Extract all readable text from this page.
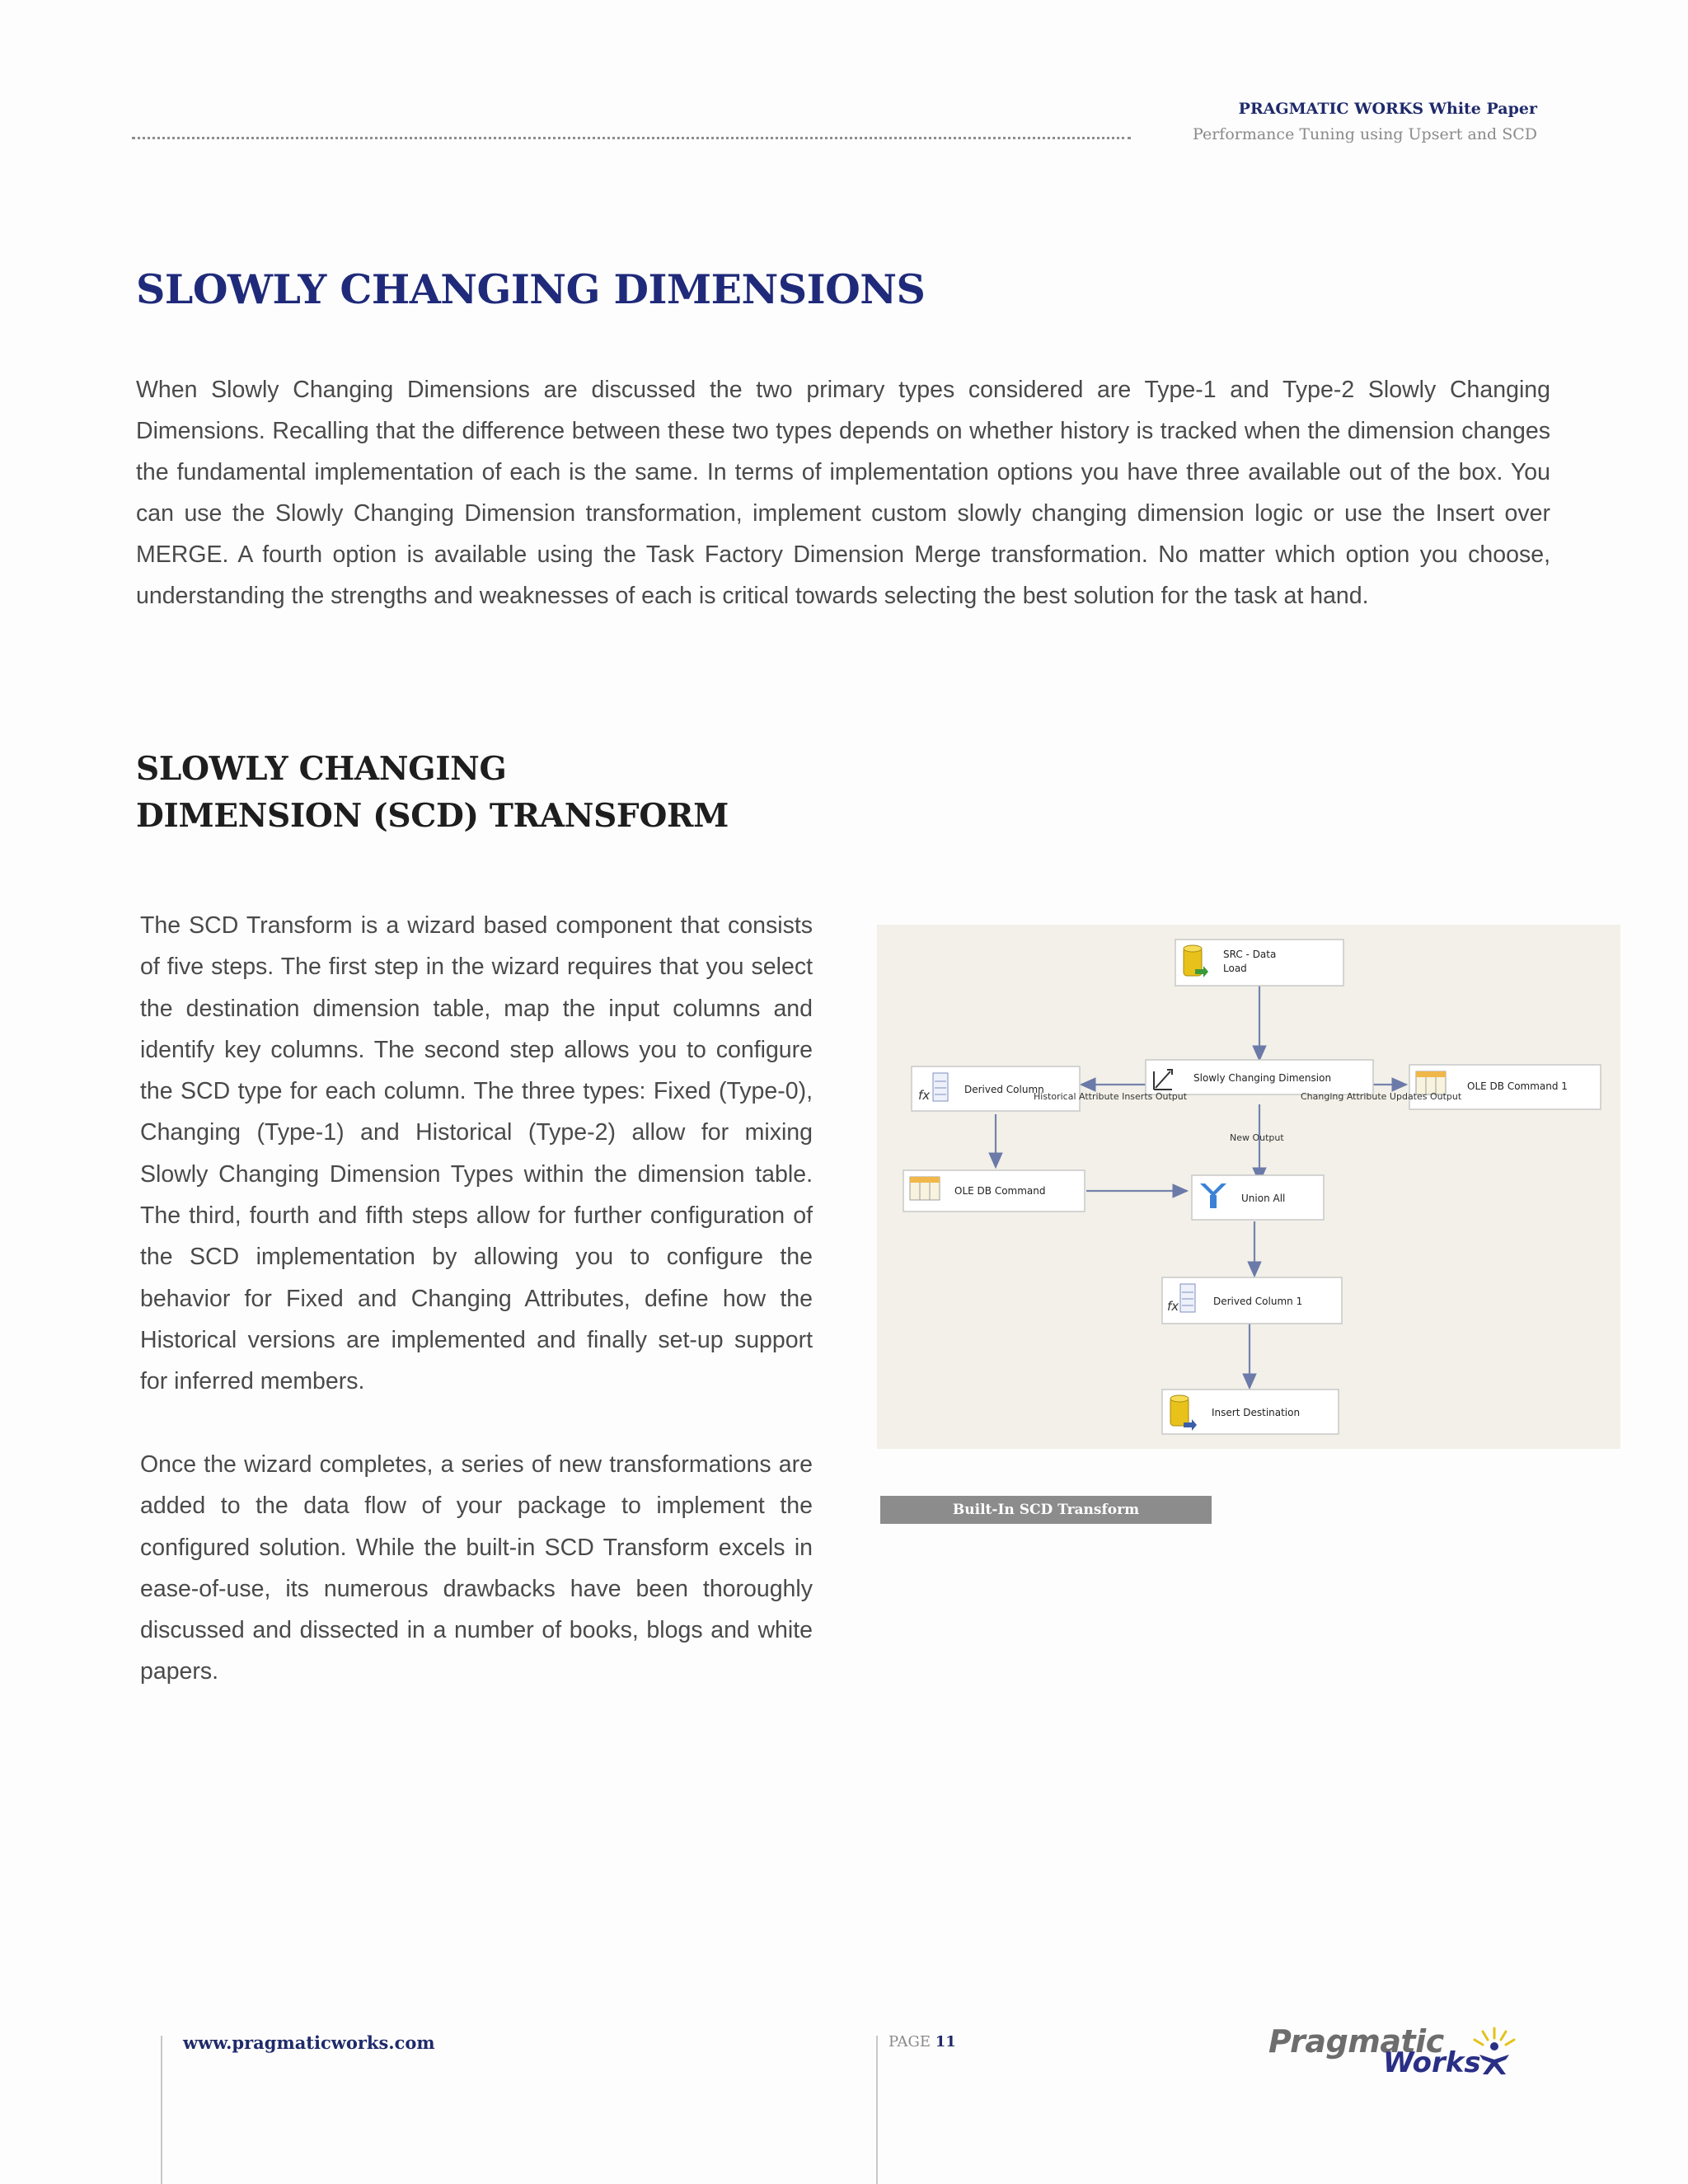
PRAGMATIC WORKS White Paper
Performance Tuning using Upsert and SCD
SLOWLY CHANGING DIMENSIONS

When Slowly Changing Dimensions are discussed the two primary types considered are Type-1 and Type-2 Slowly Changing Dimensions. Recalling that the difference between these two types depends on whether history is tracked when the dimension changes the fundamental implementation of each is the same. In terms of implementation options you have three available out of the box. You can use the Slowly Changing Dimension transformation, implement custom slowly changing dimension logic or use the Insert over MERGE. A fourth option is available using the Task Factory Dimension Merge transformation. No matter which option you choose, understanding the strengths and weaknesses of each is critical towards selecting the best solution for the task at hand.

SLOWLY CHANGING
DIMENSION (SCD) TRANSFORM

The SCD Transform is a wizard based component that consists of five steps. The first step in the wizard requires that you select the destination dimension table, map the input columns and identify key columns. The second step allows you to configure the SCD type for each column. The three types: Fixed (Type-0), Changing (Type-1) and Historical (Type-2) allow for mixing Slowly Changing Dimension Types within the dimension table. The third, fourth and fifth steps allow for further configuration of the SCD implementation by allowing you to configure the behavior for Fixed and Changing Attributes, define how the Historical versions are implemented and finally set-up support for inferred members.

Once the wizard completes, a series of new transformations are added to the data flow of your package to implement the configured solution. While the built-in SCD Transform excels in ease-of-use, its numerous drawbacks have been thoroughly discussed and dissected in a number of books, blogs and white papers.

SRC - Data
Load
Slowly Changing Dimension
fx	Derived Column	OLE DB Command 1
OLE DB Command
Union All
fx	Derived Column 1
Insert Destination
Historical Attribute Inserts Output	Changing Attribute Updates Output
New Output
Built-In SCD Transform
www.pragmaticworks.com	PAGE 11	Pragmatic
Works
